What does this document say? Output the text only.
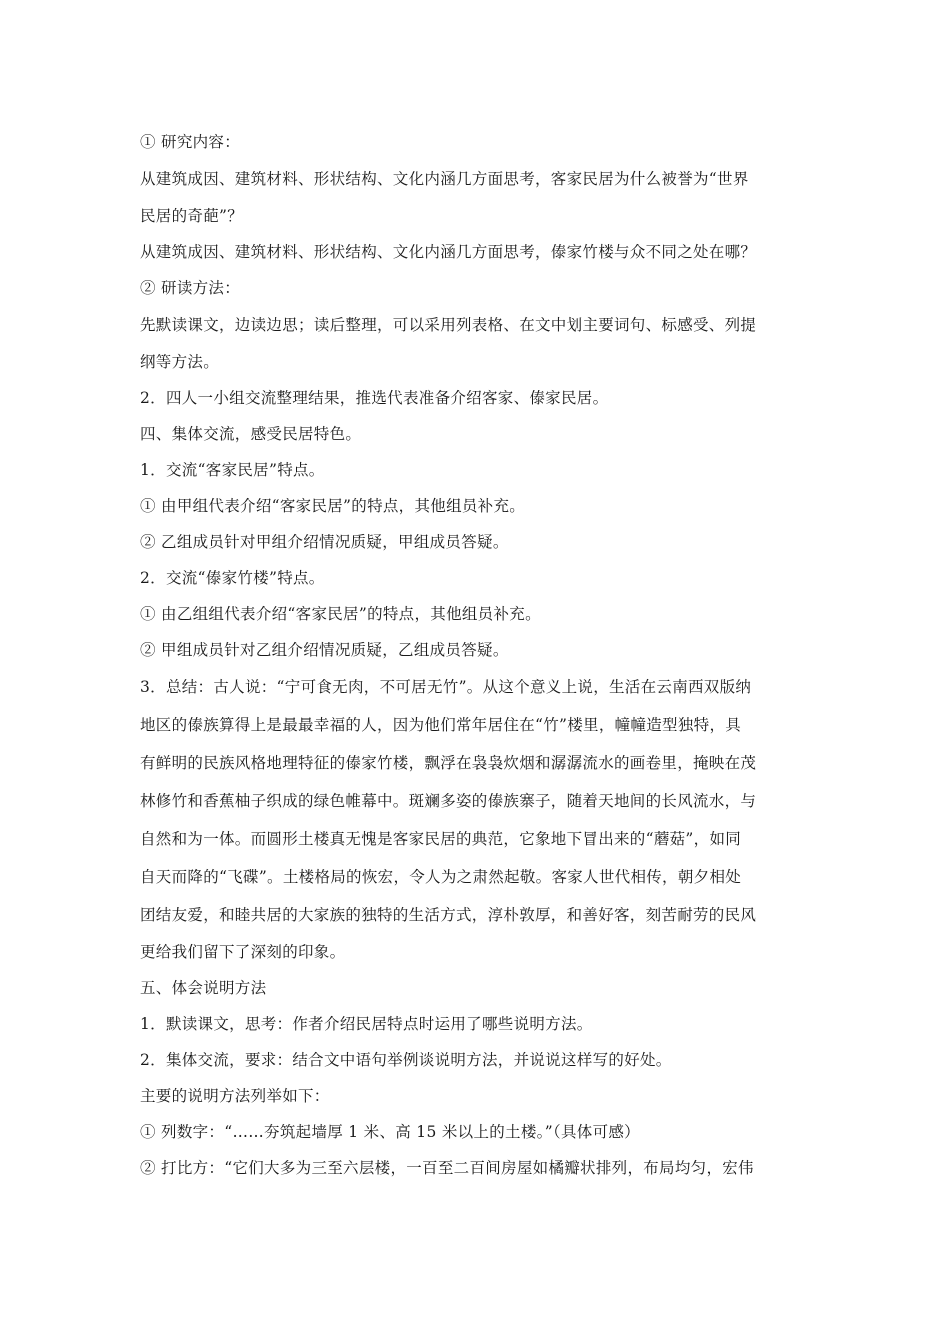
① 研究内容：
从建筑成因、建筑材料、形状结构、文化内涵几方面思考，客家民居为什么被誉为“世界
民居的奇葩”？
从建筑成因、建筑材料、形状结构、文化内涵几方面思考，傣家竹楼与众不同之处在哪？
② 研读方法：
先默读课文，边读边思；读后整理，可以采用列表格、在文中划主要词句、标感受、列提
纲等方法。
2．四人一小组交流整理结果，推选代表准备介绍客家、傣家民居。
四、集体交流，感受民居特色。
1．交流“客家民居”特点。
① 由甲组代表介绍“客家民居”的特点，其他组员补充。
② 乙组成员针对甲组介绍情况质疑，甲组成员答疑。
2．交流“傣家竹楼”特点。
① 由乙组组代表介绍“客家民居”的特点，其他组员补充。
② 甲组成员针对乙组介绍情况质疑，乙组成员答疑。
3．总结：古人说：“宁可食无肉，不可居无竹”。从这个意义上说，生活在云南西双版纳
地区的傣族算得上是最最幸福的人，因为他们常年居住在“竹”楼里，幢幢造型独特，具
有鲜明的民族风格地理特征的傣家竹楼，飘浮在袅袅炊烟和潺潺流水的画卷里，掩映在茂
林修竹和香蕉柚子织成的绿色帷幕中。斑斓多姿的傣族寨子，随着天地间的长风流水，与
自然和为一体。而圆形土楼真无愧是客家民居的典范，它象地下冒出来的“蘑菇”，如同
自天而降的“飞碟”。土楼格局的恢宏，令人为之肃然起敬。客家人世代相传，朝夕相处
团结友爱，和睦共居的大家族的独特的生活方式，淳朴敦厚，和善好客，刻苦耐劳的民风
更给我们留下了深刻的印象。
五、体会说明方法
1．默读课文，思考：作者介绍民居特点时运用了哪些说明方法。
2．集体交流，要求：结合文中语句举例谈说明方法，并说说这样写的好处。
主要的说明方法列举如下：
① 列数字：“……夯筑起墙厚 1 米、高 15 米以上的土楼。”（具体可感）
② 打比方：“它们大多为三至六层楼，一百至二百间房屋如橘瓣状排列，布局均匀，宏伟
